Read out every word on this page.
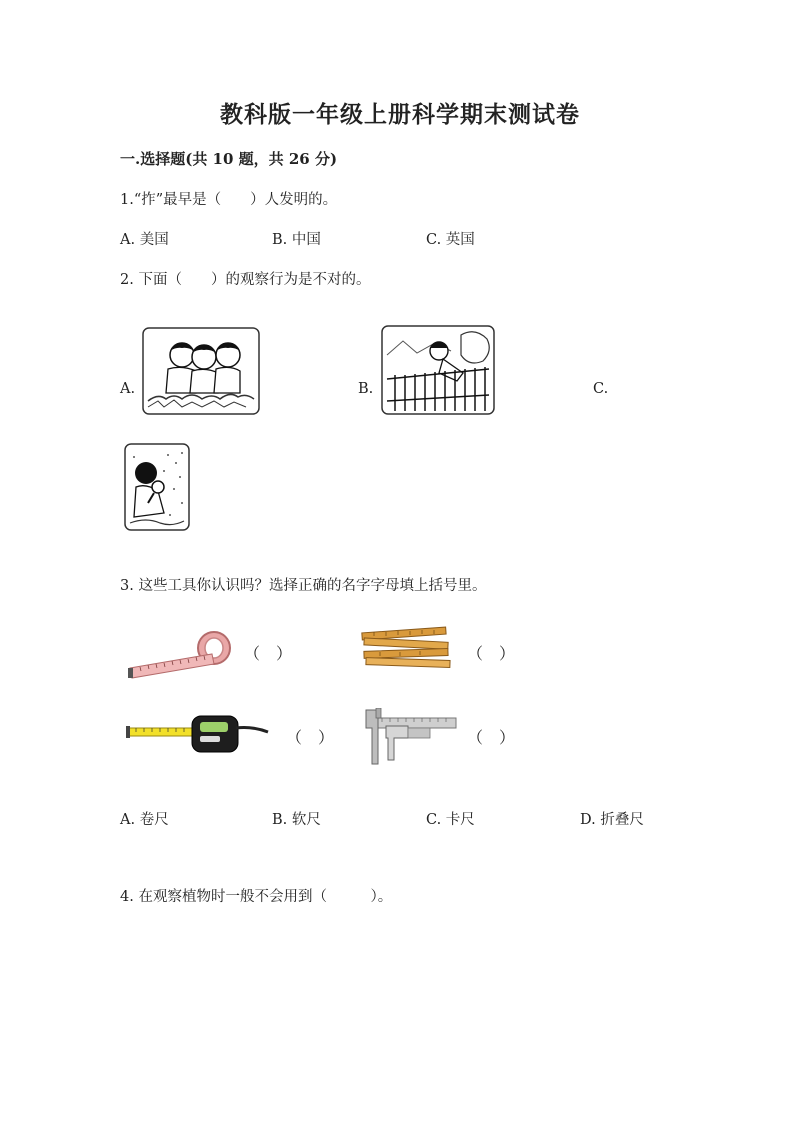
教科版一年级上册科学期末测试卷
一.选择题(共 10 题，共 26 分)
1.“拃”最早是（　　）人发明的。
A. 美国	B. 中国	C. 英国
2. 下面（　　）的观察行为是不对的。
A.	B.	C.
3. 这些工具你认识吗？选择正确的名字字母填上括号里。
（　）	（　）
（　）	（　）
A. 卷尺	B. 软尺	C. 卡尺	D. 折叠尺
4. 在观察植物时一般不会用到（　　　）。
